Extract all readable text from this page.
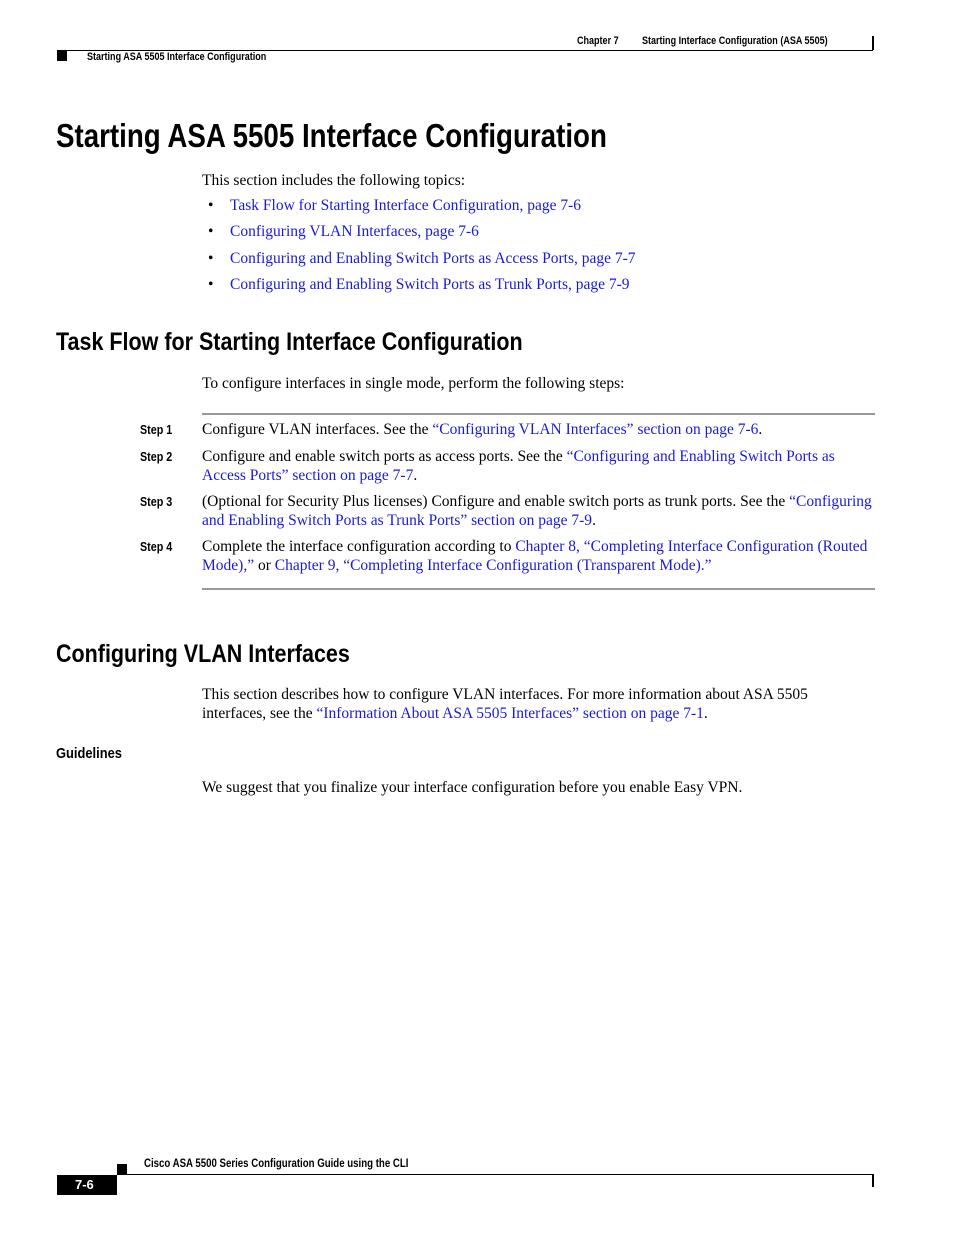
Chapter 7 Starting Interface Configuration (ASA 5505)
Starting ASA 5505 Interface Configuration
Starting ASA 5505 Interface Configuration
This section includes the following topics:
• Task Flow for Starting Interface Configuration, page 7-6
• Configuring VLAN Interfaces, page 7-6
• Configuring and Enabling Switch Ports as Access Ports, page 7-7
• Configuring and Enabling Switch Ports as Trunk Ports, page 7-9
Task Flow for Starting Interface Configuration
To configure interfaces in single mode, perform the following steps:
Step 1 Configure VLAN interfaces. See the “Configuring VLAN Interfaces” section on page 7-6.
Step 2 Configure and enable switch ports as access ports. See the “Configuring and Enabling Switch Ports as Access Ports” section on page 7-7.
Step 3 (Optional for Security Plus licenses) Configure and enable switch ports as trunk ports. See the “Configuring and Enabling Switch Ports as Trunk Ports” section on page 7-9.
Step 4 Complete the interface configuration according to Chapter 8, “Completing Interface Configuration (Routed Mode),” or Chapter 9, “Completing Interface Configuration (Transparent Mode).”
Configuring VLAN Interfaces
This section describes how to configure VLAN interfaces. For more information about ASA 5505 interfaces, see the “Information About ASA 5505 Interfaces” section on page 7-1.
Guidelines
We suggest that you finalize your interface configuration before you enable Easy VPN.
Cisco ASA 5500 Series Configuration Guide using the CLI
7-6
